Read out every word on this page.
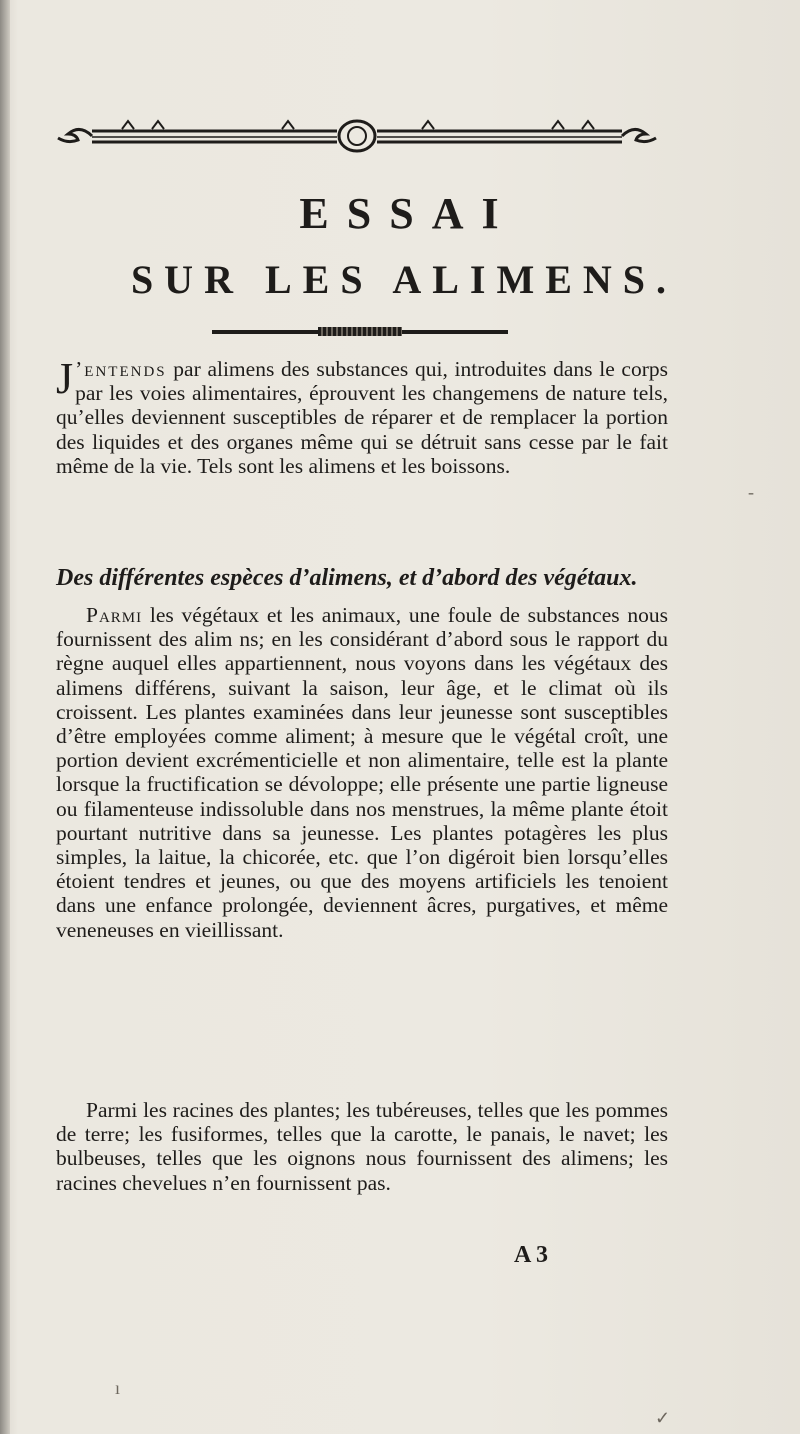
ESSAI
SUR LES ALIMENS.

J ’entends par alimens des substances qui, introduites dans le corps par les voies alimentaires, éprouvent les changemens de nature tels, qu’elles deviennent susceptibles de réparer et de remplacer la portion des liquides et des organes même qui se détruit sans cesse par le fait même de la vie. Tels sont les alimens et les boissons.

Des différentes espèces d’alimens, et d’abord des végétaux.

Parmi les végétaux et les animaux, une foule de substances nous fournissent des alim ns; en les considérant d’abord sous le rapport du règne auquel elles appartiennent, nous voyons dans les végétaux des alimens différens, suivant la saison, leur âge, et le climat où ils croissent. Les plantes examinées dans leur jeunesse sont susceptibles d’être employées comme aliment; à mesure que le végétal croît, une portion devient excrémenticielle et non alimentaire, telle est la plante lorsque la fructification se dévoloppe; elle présente une partie ligneuse ou filamenteuse indissoluble dans nos menstrues, la même plante étoit pourtant nutritive dans sa jeunesse. Les plantes potagères les plus simples, la laitue, la chicorée, etc. que l’on digéroit bien lorsqu’elles étoient tendres et jeunes, ou que des moyens artificiels les tenoient dans une enfance prolongée, deviennent âcres, purgatives, et même veneneuses en vieillissant.

Parmi les racines des plantes; les tubéreuses, telles que les pommes de terre; les fusiformes, telles que la carotte, le panais, le navet; les bulbeuses, telles que les oignons nous fournissent des alimens; les racines chevelues n’en fournissent pas.

A 3
-
ı
✓
